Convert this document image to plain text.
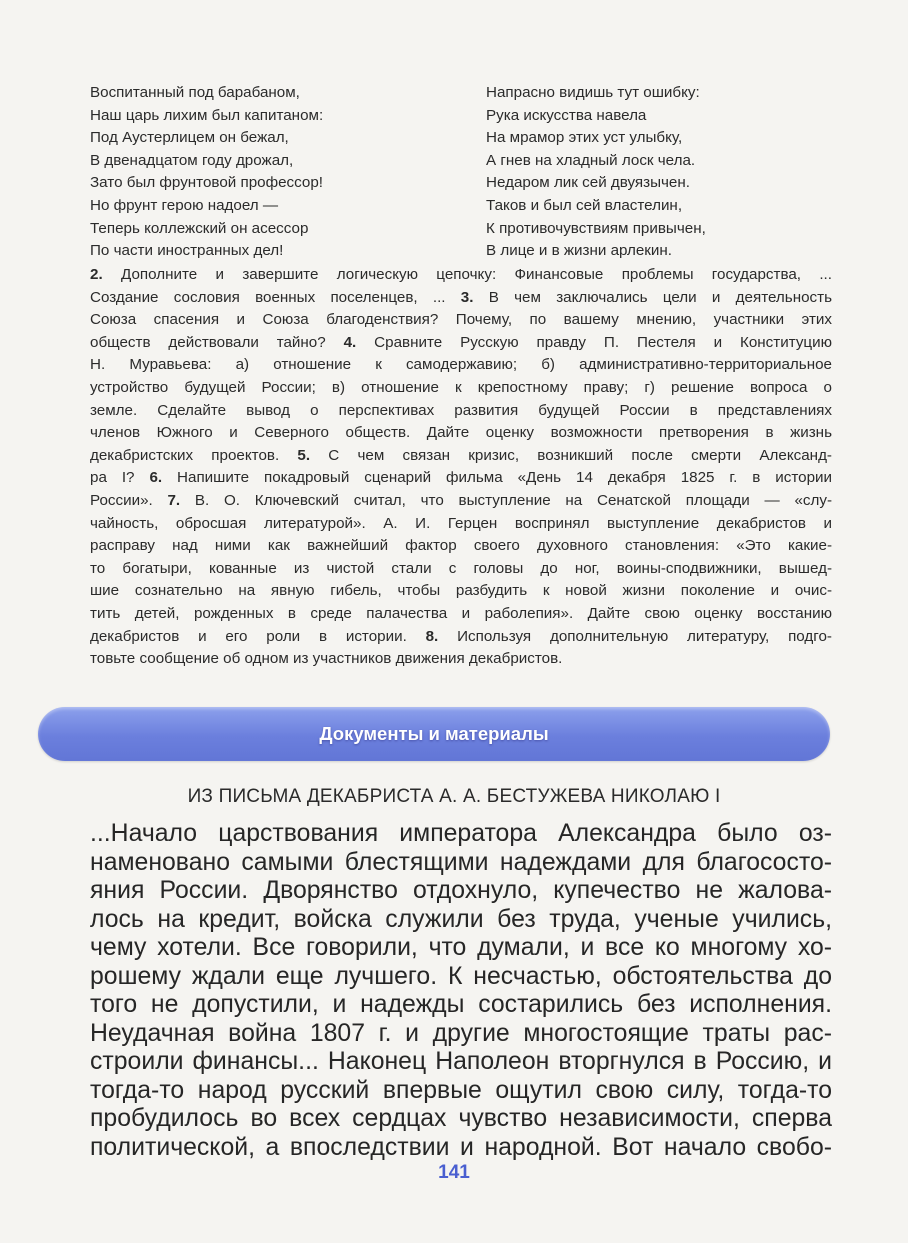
Воспитанный под барабаном,
Наш царь лихим был капитаном:
Под Аустерлицем он бежал,
В двенадцатом году дрожал,
Зато был фрунтовой профессор!
Но фрунт герою надоел —
Теперь коллежский он асессор
По части иностранных дел!
Напрасно видишь тут ошибку:
Рука искусства навела
На мрамор этих уст улыбку,
А гнев на хладный лоск чела.
Недаром лик сей двуязычен.
Таков и был сей властелин,
К противочувствиям привычен,
В лице и в жизни арлекин.
2. Дополните и завершите логическую цепочку: Финансовые проблемы государства, ...
Создание сословия военных поселенцев, ... 3. В чем заключались цели и деятельность
Союза спасения и Союза благоденствия? Почему, по вашему мнению, участники этих
обществ действовали тайно? 4. Сравните Русскую правду П. Пестеля и Конституцию
Н. Муравьева: а) отношение к самодержавию; б) административно-территориальное
устройство будущей России; в) отношение к крепостному праву; г) решение вопроса о
земле. Сделайте вывод о перспективах развития будущей России в представлениях
членов Южного и Северного обществ. Дайте оценку возможности претворения в жизнь
декабристских проектов. 5. С чем связан кризис, возникший после смерти Александ-
ра I? 6. Напишите покадровый сценарий фильма «День 14 декабря 1825 г. в истории
России». 7. В. О. Ключевский считал, что выступление на Сенатской площади — «слу-
чайность, обросшая литературой». А. И. Герцен воспринял выступление декабристов и
расправу над ними как важнейший фактор своего духовного становления: «Это какие-
то богатыри, кованные из чистой стали с головы до ног, воины-сподвижники, вышед-
шие сознательно на явную гибель, чтобы разбудить к новой жизни поколение и очис-
тить детей, рожденных в среде палачества и раболепия». Дайте свою оценку восстанию
декабристов и его роли в истории. 8. Используя дополнительную литературу, подго-
товьте сообщение об одном из участников движения декабристов.
Документы и материалы
ИЗ ПИСЬМА ДЕКАБРИСТА А. А. БЕСТУЖЕВА НИКОЛАЮ I
...Начало царствования императора Александра было оз-
наменовано самыми блестящими надеждами для благососто-
яния России. Дворянство отдохнуло, купечество не жалова-
лось на кредит, войска служили без труда, ученые учились,
чему хотели. Все говорили, что думали, и все ко многому хо-
рошему ждали еще лучшего. К несчастью, обстоятельства до
того не допустили, и надежды состарились без исполнения.
Неудачная война 1807 г. и другие многостоящие траты рас-
строили финансы... Наконец Наполеон вторгнулся в Россию, и
тогда-то народ русский впервые ощутил свою силу, тогда-то
пробудилось во всех сердцах чувство независимости, сперва
политической, а впоследствии и народной. Вот начало свобо-
141
